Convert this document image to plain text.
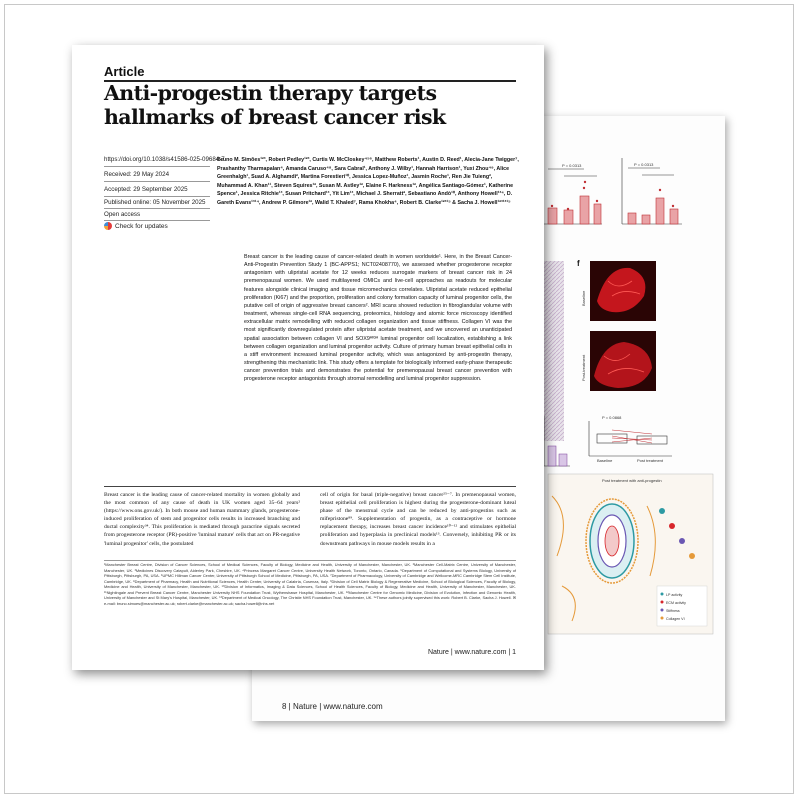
P = 0.0313	P = 0.0313
f
Baseline
Post-treatment
P = 0.0868
Baseline	Post treatment
Post treatment with anti-progestin
LP activity
ECM activity
Stiffness
Collagen VI
8 | Nature | www.nature.com
Article
Anti-progestin therapy targets hallmarks of breast cancer risk
https://doi.org/10.1038/s41586-025-09684-7
Received: 29 May 2024
Accepted: 29 September 2025
Published online: 05 November 2025
Open access
Check for updates
Bruno M. Simões¹²³, Robert Pedley¹²³, Curtis W. McCloskey⁴⁵⁶, Matthew Roberts¹, Austin D. Reed¹, Alecia-Jane Twigger⁷, Prashanthy Tharmapalan⁴, Amanda Caruso⁴⁸, Sara Cabral¹, Anthony J. Wilby¹, Hannah Harrison¹, Yuxi Zhou⁴⁹, Alice Greenhalgh¹, Suad A. Alghamdi², Martina Forestieri¹⁰, Jessica Lopez-Muñoz¹, Jasmin Roche¹, Ren Jie Tuieng², Muhammad A. Khan¹¹, Steven Squires¹², Susan M. Astley¹², Elaine F. Harkness¹², Angélica Santiago-Gómez¹, Katherine Spence¹, Jessica Ritchie¹³, Susan Pritchard¹³, Yit Lim¹³, Michael J. Sherratt², Sebastiano Andò¹⁰, Anthony Howell¹³⁴, D. Gareth Evans¹³¹⁴, Andrew P. Gilmore¹², Walid T. Khaled⁷, Rama Khokha⁴, Robert B. Clarke¹²³¹⁵ & Sacha J. Howell¹²³¹³¹⁵
Breast cancer is the leading cause of cancer-related death in women worldwide¹. Here, in the Breast Cancer-Anti-Progestin Prevention Study 1 (BC-APPS1; NCT02408770), we assessed whether progesterone receptor antagonism with ulipristal acetate for 12 weeks reduces surrogate markers of breast cancer risk in 24 premenopausal women. We used multilayered OMICs and live-cell approaches as readouts for molecular features alongside clinical imaging and tissue micromechanics correlates. Ulipristal acetate reduced epithelial proliferation (Ki67) and the proportion, proliferation and colony formation capacity of luminal progenitor cells, the putative cell of origin of aggressive breast cancers². MRI scans showed reduction in fibroglandular volume with treatment, whereas single-cell RNA sequencing, proteomics, histology and atomic force microscopy identified extracellular matrix remodelling with reduced collagen organization and tissue stiffness. Collagen VI was the most significantly downregulated protein after ulipristal acetate treatment, and we uncovered an unanticipated spatial association between collagen VI and SOX9ᴴᴵᴳᴴ luminal progenitor cell localization, establishing a link between collagen organization and luminal progenitor activity. Culture of primary human breast epithelial cells in a stiff environment increased luminal progenitor activity, which was antagonized by anti-progestin therapy, strengthening this mechanistic link. This study offers a template for biologically informed early-phase therapeutic cancer prevention trials and demonstrates the potential for premenopausal breast cancer prevention with progesterone receptor antagonists through stromal remodelling and luminal progenitor suppression.
Breast cancer is the leading cause of cancer-related mortality in women globally and the most common of any cause of death in UK women aged 35–64 years² (https://www.ons.gov.uk/). In both mouse and human mammary glands, progesterone-induced proliferation of stem and progenitor cells results in increased branching and ductal complexity³⁴. This proliferation is mediated through paracrine signals secreted from progesterone receptor (PR)-positive 'luminal mature' cells that act on PR-negative 'luminal progenitor' cells, the postulated
cell of origin for basal (triple-negative) breast cancer²⁵⁻⁷. In premenopausal women, breast epithelial cell proliferation is highest during the progesterone-dominant luteal phase of the menstrual cycle and can be reduced by anti-progestins such as mifepristone⁸⁹. Supplementation of progestin, as a contraceptive or hormone replacement therapy, increases breast cancer incidence¹⁰⁻¹² and stimulates epithelial proliferation and hyperplasia in preclinical models¹³. Conversely, inhibiting PR or its downstream pathways in mouse models results in a
¹Manchester Breast Centre, Division of Cancer Sciences, School of Medical Sciences, Faculty of Biology, Medicine and Health, University of Manchester, Manchester, UK. ²Manchester Cell-Matrix Centre, University of Manchester, Manchester, UK. ³Medicines Discovery Catapult, Alderley Park, Cheshire, UK. ⁴Princess Margaret Cancer Centre, University Health Network, Toronto, Ontario, Canada. ⁵Department of Computational and Systems Biology, University of Pittsburgh, Pittsburgh, PA, USA. ⁶UPMC Hillman Cancer Center, University of Pittsburgh School of Medicine, Pittsburgh, PA, USA. ⁷Department of Pharmacology, University of Cambridge and Wellcome-MRC Cambridge Stem Cell Institute, Cambridge, UK. ⁸Department of Pharmacy, Health and Nutritional Sciences, Health Center, University of Calabria, Cosenza, Italy. ⁹Division of Cell Matrix Biology & Regenerative Medicine, School of Biological Sciences, Faculty of Biology, Medicine and Health, University of Manchester, Manchester, UK. ¹⁰Division of Informatics, Imaging & Data Sciences, School of Health Sciences, Faculty of Biology, Medicine and Health, University of Manchester, Manchester, UK. ¹¹Nightingale and Prevent Breast Cancer Centre, Manchester University NHS Foundation Trust, Wythenshawe Hospital, Manchester, UK. ¹²Manchester Centre for Genomic Medicine, Division of Evolution, Infection and Genomic Health, University of Manchester and St Mary's Hospital, Manchester, UK. ¹³Department of Medical Oncology, The Christie NHS Foundation Trust, Manchester, UK. ¹⁴These authors jointly supervised this work: Robert B. Clarke, Sacha J. Howell. ✉e-mail: bruno.simoes@manchester.ac.uk; robert.clarke@manchester.ac.uk; sacha.howell@nhs.net
Nature | www.nature.com | 1
